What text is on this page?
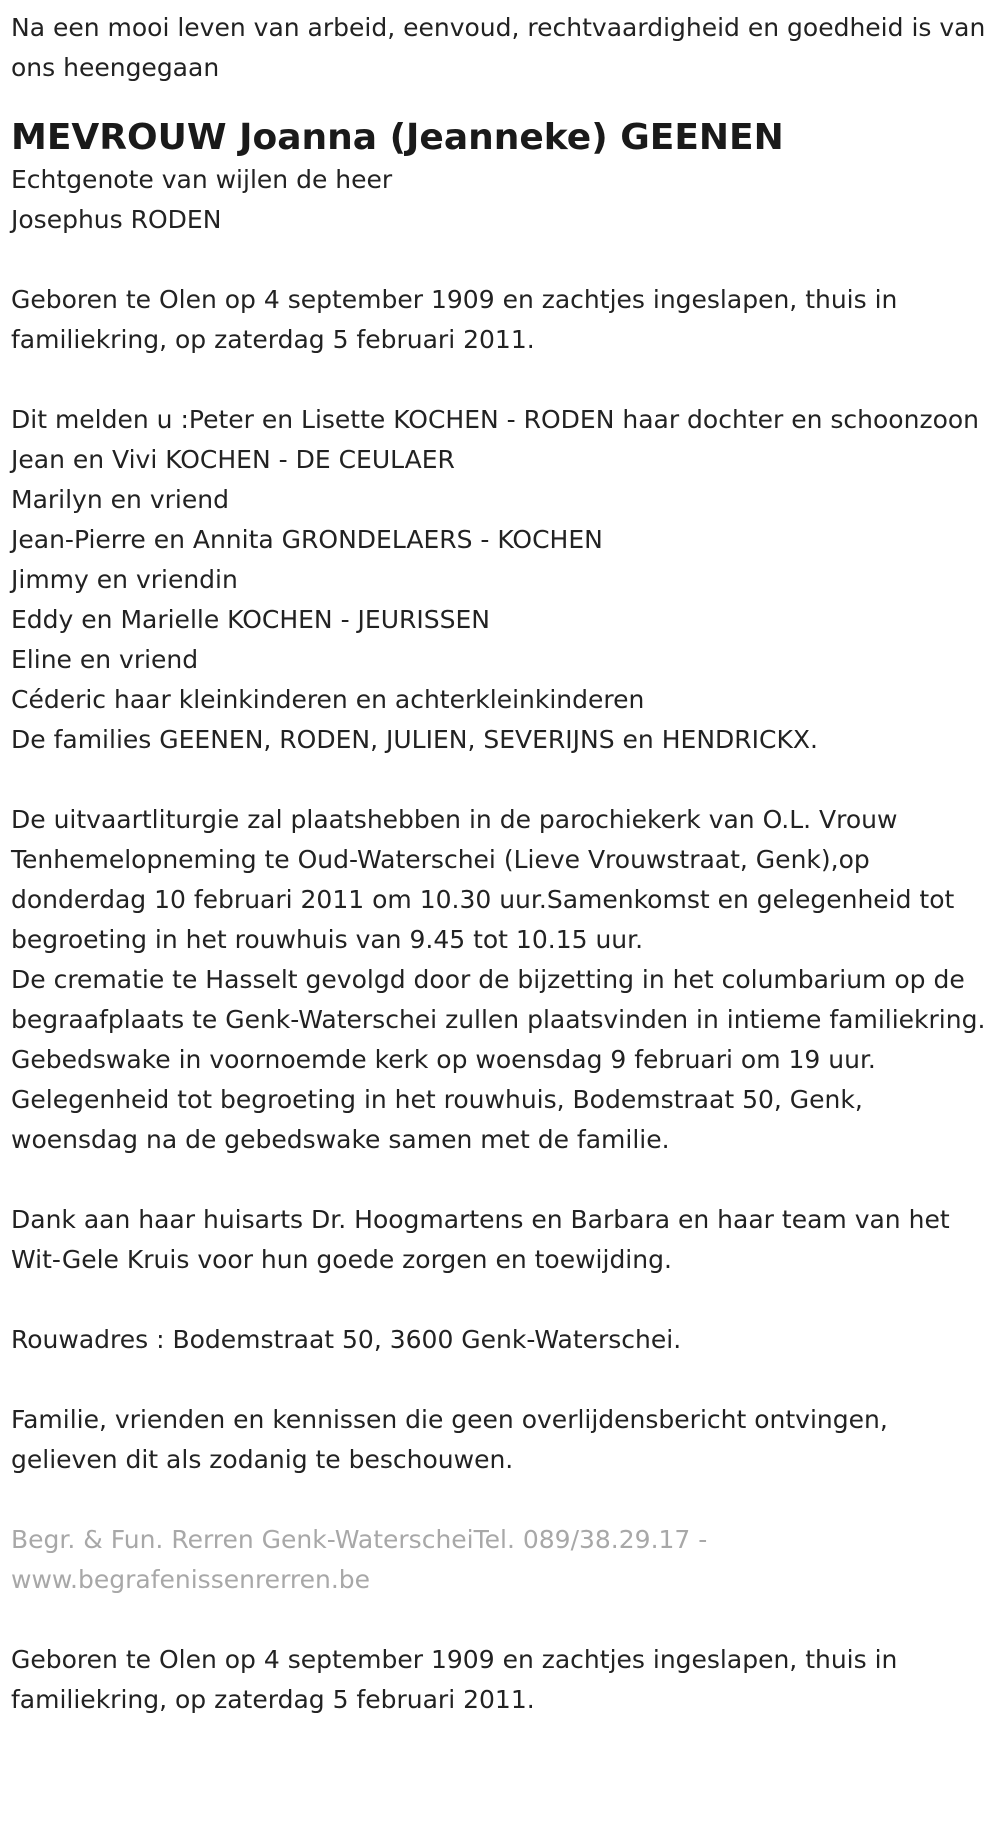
Na een mooi leven van arbeid, eenvoud, rechtvaardigheid en goedheid is van ons heengegaan

MEVROUW Joanna (Jeanneke) GEENEN

Echtgenote van wijlen de heer

Josephus RODEN

Geboren te Olen op 4 september 1909 en zachtjes ingeslapen, thuis in familiekring, op zaterdag 5 februari 2011.

Dit melden u :Peter en Lisette KOCHEN - RODEN haar dochter en schoonzoon

Jean en Vivi KOCHEN - DE CEULAER

Marilyn en vriend

Jean-Pierre en Annita GRONDELAERS - KOCHEN

Jimmy en vriendin

Eddy en Marielle KOCHEN - JEURISSEN

Eline en vriend

Céderic haar kleinkinderen en achterkleinkinderen

De families GEENEN, RODEN, JULIEN, SEVERIJNS en HENDRICKX.

De uitvaartliturgie zal plaatshebben in de parochiekerk van O.L. Vrouw Tenhemelopneming te Oud-Waterschei (Lieve Vrouwstraat, Genk),op donderdag 10 februari 2011 om 10.30 uur.Samenkomst en gelegenheid tot begroeting in het rouwhuis van 9.45 tot 10.15 uur.

De crematie te Hasselt gevolgd door de bijzetting in het columbarium op de begraafplaats te Genk-Waterschei zullen plaatsvinden in intieme familiekring.

Gebedswake in voornoemde kerk op woensdag 9 februari om 19 uur.

Gelegenheid tot begroeting in het rouwhuis, Bodemstraat 50, Genk, woensdag na de gebedswake samen met de familie.

Dank aan haar huisarts Dr. Hoogmartens en Barbara en haar team van het Wit-Gele Kruis voor hun goede zorgen en toewijding.

Rouwadres : Bodemstraat 50, 3600 Genk-Waterschei.

Familie, vrienden en kennissen die geen overlijdensbericht ontvingen, gelieven dit als zodanig te beschouwen.

Begr. & Fun. Rerren Genk-WaterscheiTel. 089/38.29.17 - www.begrafenissenrerren.be

Geboren te Olen op 4 september 1909 en zachtjes ingeslapen, thuis in familiekring, op zaterdag 5 februari 2011.
